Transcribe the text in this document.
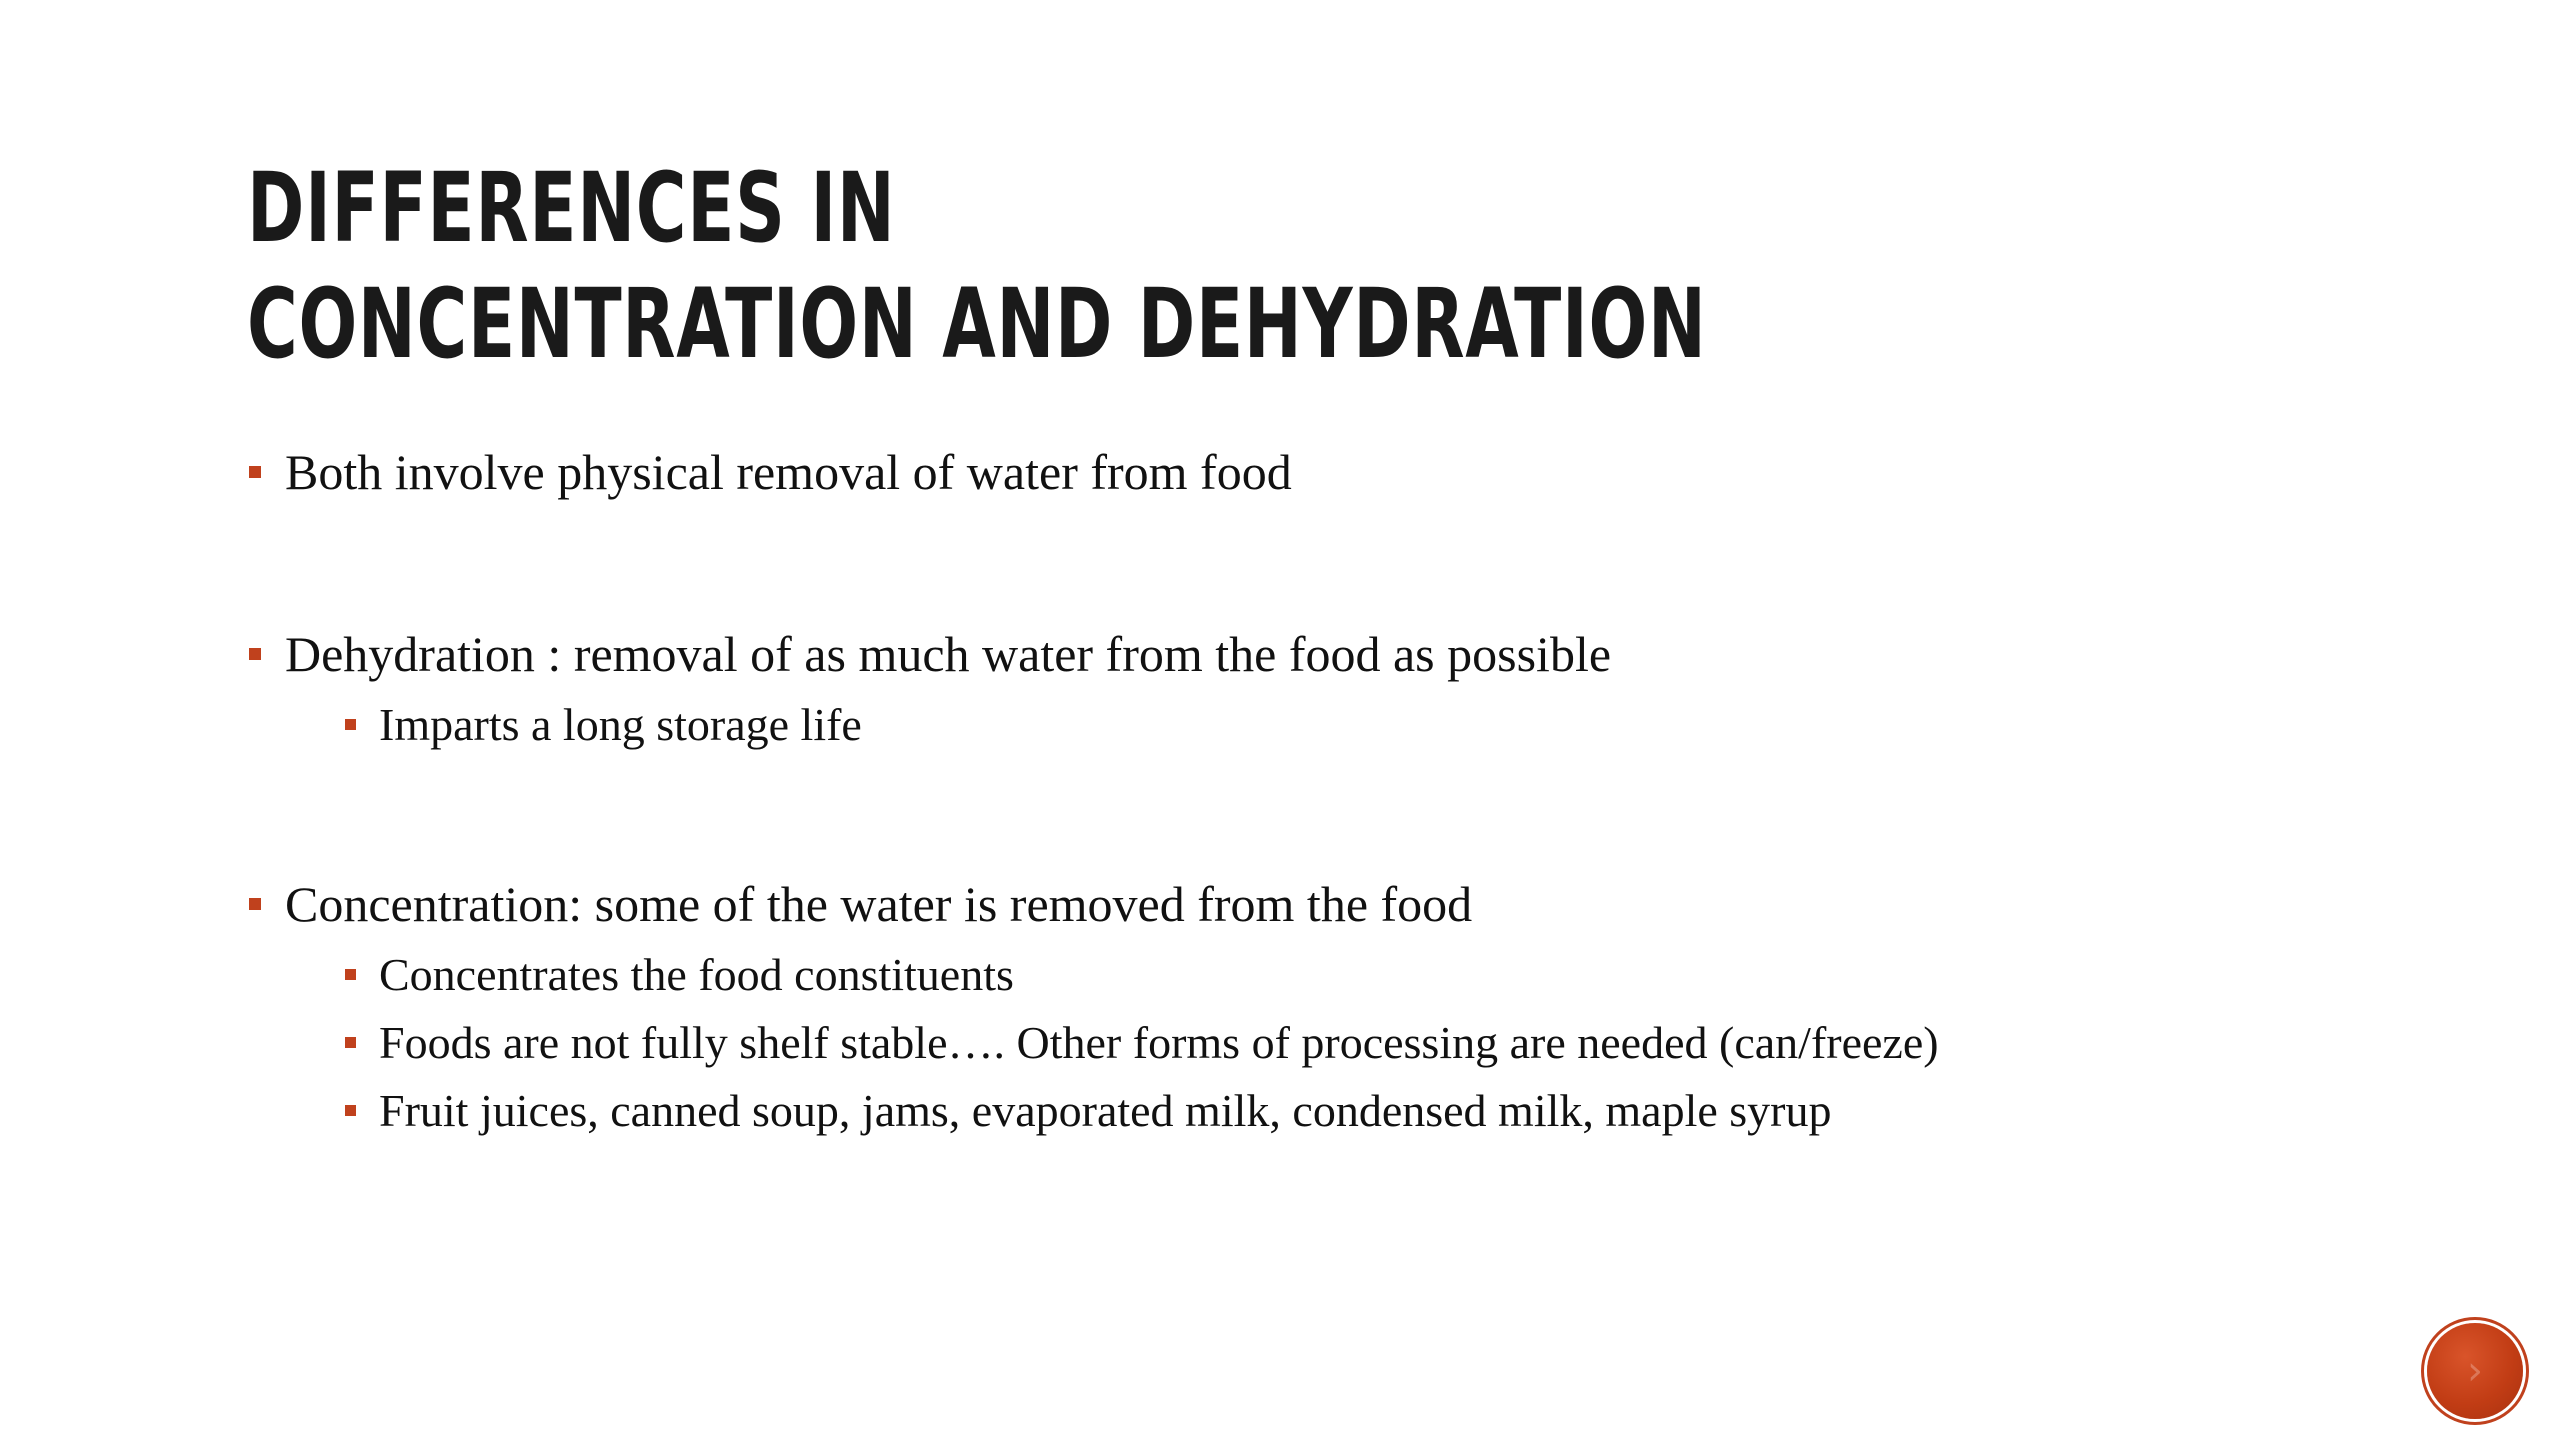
DIFFERENCES IN
CONCENTRATION AND DEHYDRATION
Both involve physical removal of water from food
Dehydration : removal of as much water from the food as possible
Imparts a long storage life
Concentration: some of the water is removed from the food
Concentrates the food constituents
Foods are not fully shelf stable…. Other forms of processing are needed (can/freeze)
Fruit juices, canned soup, jams, evaporated milk, condensed milk, maple syrup
›
